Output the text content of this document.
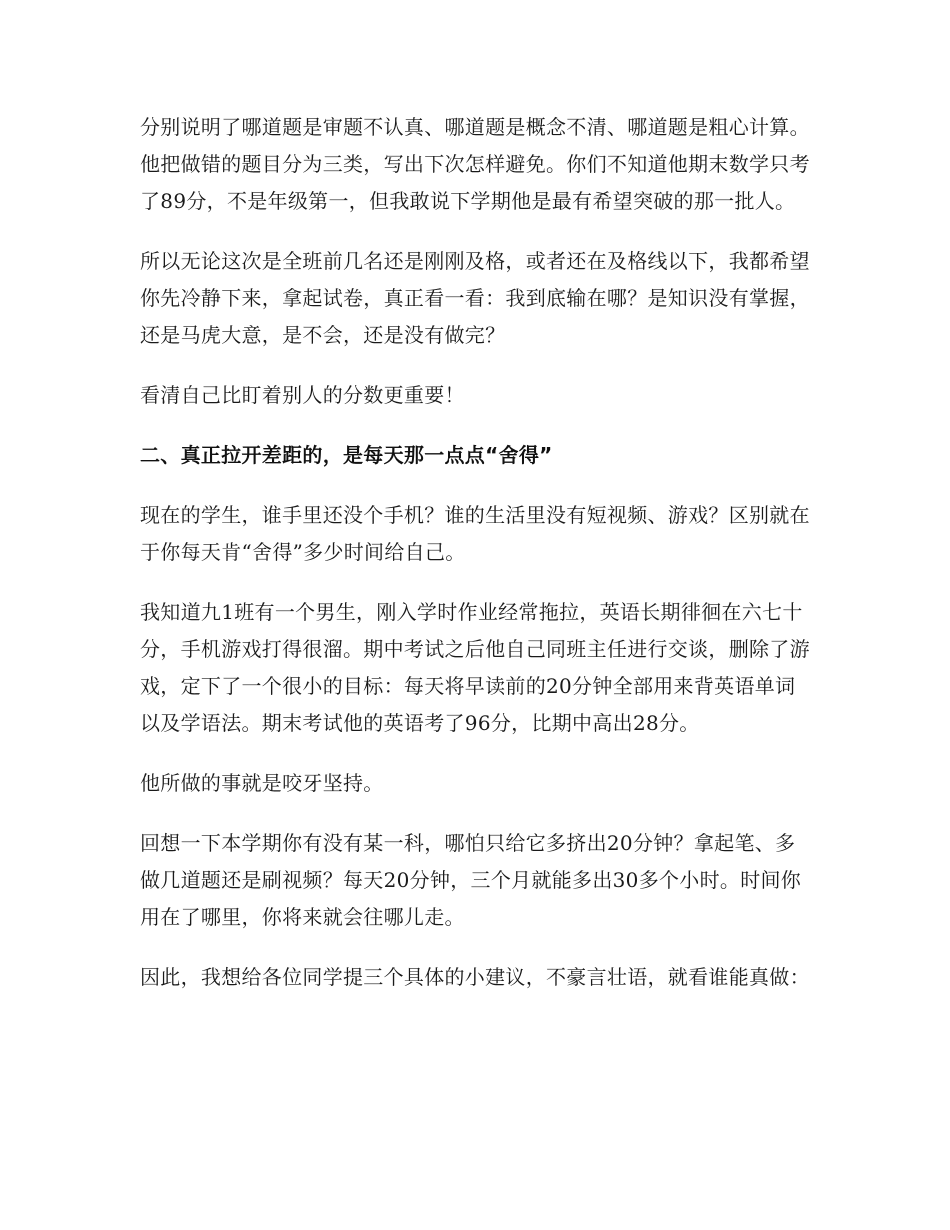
分别说明了哪道题是审题不认真、哪道题是概念不清、哪道题是粗心计算。他把做错的题目分为三类，写出下次怎样避免。你们不知道他期末数学只考了89分，不是年级第一，但我敢说下学期他是最有希望突破的那一批人。

所以无论这次是全班前几名还是刚刚及格，或者还在及格线以下，我都希望你先冷静下来，拿起试卷，真正看一看：我到底输在哪？是知识没有掌握，还是马虎大意，是不会，还是没有做完？

看清自己比盯着别人的分数更重要！

二、真正拉开差距的，是每天那一点点“舍得”

现在的学生，谁手里还没个手机？谁的生活里没有短视频、游戏？区别就在于你每天肯“舍得”多少时间给自己。

我知道九1班有一个男生，刚入学时作业经常拖拉，英语长期徘徊在六七十分，手机游戏打得很溜。期中考试之后他自己同班主任进行交谈，删除了游戏，定下了一个很小的目标：每天将早读前的20分钟全部用来背英语单词以及学语法。期末考试他的英语考了96分，比期中高出28分。

他所做的事就是咬牙坚持。

回想一下本学期你有没有某一科，哪怕只给它多挤出20分钟？拿起笔、多做几道题还是刷视频？每天20分钟，三个月就能多出30多个小时。时间你用在了哪里，你将来就会往哪儿走。

因此，我想给各位同学提三个具体的小建议，不豪言壮语，就看谁能真做：
